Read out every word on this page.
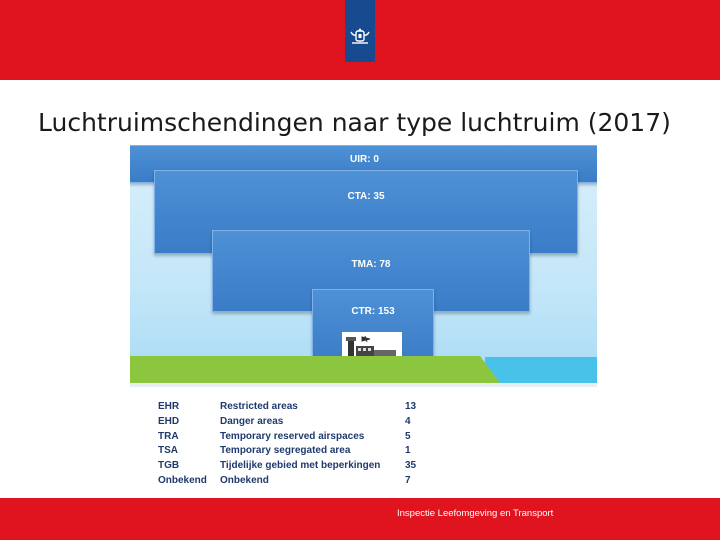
Luchtruimschendingen naar type luchtruim (2017)
UIR: 0
CTA: 35
TMA: 78
CTR: 153
EHR	Restricted areas	13
EHD	Danger areas	4
TRA	Temporary reserved airspaces	5
TSA	Temporary segregated area	1
TGB	Tijdelijke gebied met beperkingen 35
Onbekend Onbekend	7
Inspectie Leefomgeving en Transport
